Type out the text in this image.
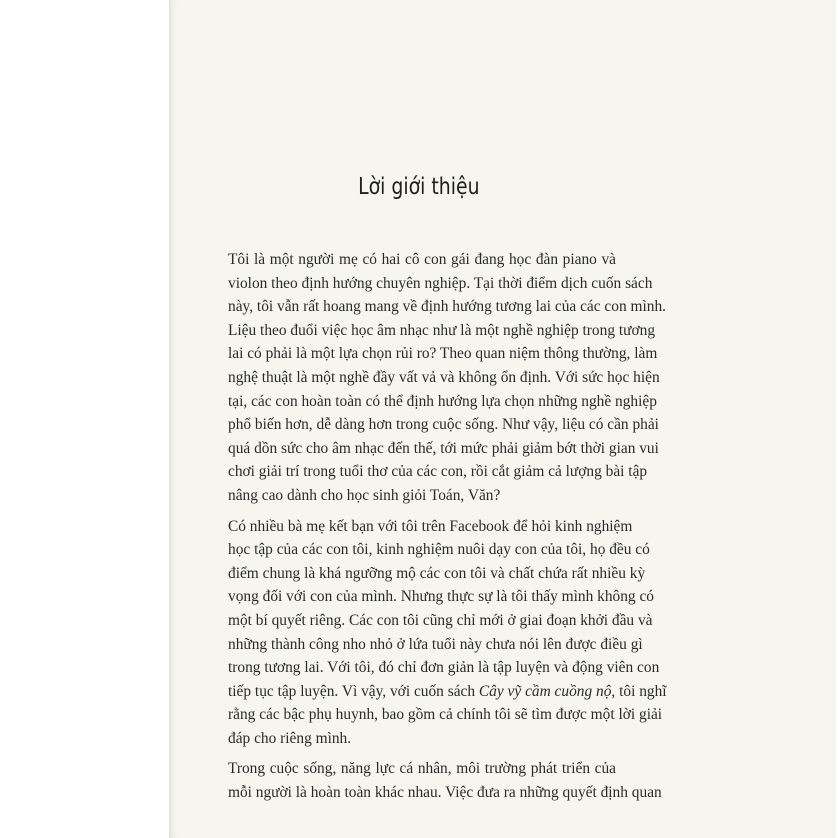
Lời giới thiệu
Tôi là một người mẹ có hai cô con gái đang học đàn piano và
violon theo định hướng chuyên nghiệp. Tại thời điểm dịch cuốn sách
này, tôi vẫn rất hoang mang về định hướng tương lai của các con mình.
Liệu theo đuổi việc học âm nhạc như là một nghề nghiệp trong tương
lai có phải là một lựa chọn rủi ro? Theo quan niệm thông thường, làm
nghệ thuật là một nghề đầy vất vả và không ổn định. Với sức học hiện
tại, các con hoàn toàn có thể định hướng lựa chọn những nghề nghiệp
phổ biến hơn, dễ dàng hơn trong cuộc sống. Như vậy, liệu có cần phải
quá dồn sức cho âm nhạc đến thế, tới mức phải giảm bớt thời gian vui
chơi giải trí trong tuổi thơ của các con, rồi cắt giảm cả lượng bài tập
nâng cao dành cho học sinh giỏi Toán, Văn?
Có nhiều bà mẹ kết bạn với tôi trên Facebook để hỏi kinh nghiệm
học tập của các con tôi, kinh nghiệm nuôi dạy con của tôi, họ đều có
điểm chung là khá ngưỡng mộ các con tôi và chất chứa rất nhiều kỳ
vọng đối với con của mình. Nhưng thực sự là tôi thấy mình không có
một bí quyết riêng. Các con tôi cũng chỉ mới ở giai đoạn khởi đầu và
những thành công nho nhỏ ở lứa tuổi này chưa nói lên được điều gì
trong tương lai. Với tôi, đó chỉ đơn giản là tập luyện và động viên con
tiếp tục tập luyện. Vì vậy, với cuốn sách Cây vỹ cầm cuồng nộ, tôi nghĩ
rằng các bậc phụ huynh, bao gồm cả chính tôi sẽ tìm được một lời giải
đáp cho riêng mình.
Trong cuộc sống, năng lực cá nhân, môi trường phát triển của
mỗi người là hoàn toàn khác nhau. Việc đưa ra những quyết định quan
